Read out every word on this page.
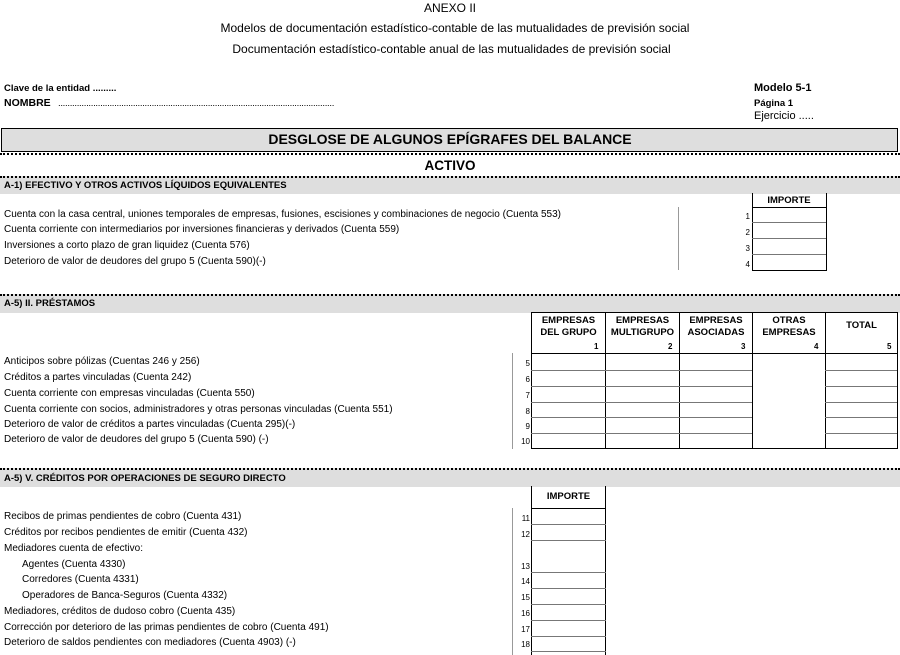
ANEXO II
Modelos de documentación estadístico-contable de las mutualidades de previsión social
Documentación estadístico-contable anual de las mutualidades de previsión social
Clave de la entidad .........
NOMBRE ......................................................................................................................
Modelo 5-1
Página 1
Ejercicio .....
DESGLOSE DE ALGUNOS EPÍGRAFES DEL BALANCE
ACTIVO
A-1) EFECTIVO Y OTROS ACTIVOS LÍQUIDOS EQUIVALENTES
IMPORTE
Cuenta con la casa central, uniones temporales de empresas, fusiones, escisiones y combinaciones de negocio (Cuenta 553)	1
Cuenta corriente con intermediarios por inversiones financieras y derivados (Cuenta 559)	2
Inversiones a corto plazo de gran liquidez (Cuenta 576)	3
Deterioro de valor de deudores del grupo 5 (Cuenta 590)(-)	4
A-5) II. PRÉSTAMOS
EMPRESAS
DEL GRUPO
EMPRESAS
MULTIGRUPO
EMPRESAS
ASOCIADAS
OTRAS
EMPRESAS
TOTAL
1	2	3	4	5
Anticipos sobre pólizas (Cuentas 246 y 256)	5
Créditos a partes vinculadas (Cuenta 242)	6
Cuenta corriente con empresas vinculadas (Cuenta 550)	7
Cuenta corriente con socios, administradores y otras personas vinculadas (Cuenta 551)	8
Deterioro de valor de créditos a partes vinculadas (Cuenta 295)(-)	9
Deterioro de valor de deudores del grupo 5 (Cuenta 590) (-)	10
A-5) V. CRÉDITOS POR OPERACIONES DE SEGURO DIRECTO
IMPORTE
Recibos de primas pendientes de cobro (Cuenta 431)	11
Créditos por recibos pendientes de emitir (Cuenta 432)	12
Mediadores cuenta de efectivo:
Agentes (Cuenta 4330)	13
Corredores (Cuenta 4331)	14
Operadores de Banca-Seguros (Cuenta 4332)	15
Mediadores, créditos de dudoso cobro (Cuenta 435)	16
Corrección por deterioro de las primas pendientes de cobro (Cuenta 491)	17
Deterioro de saldos pendientes con mediadores (Cuenta 4903) (-)	18
